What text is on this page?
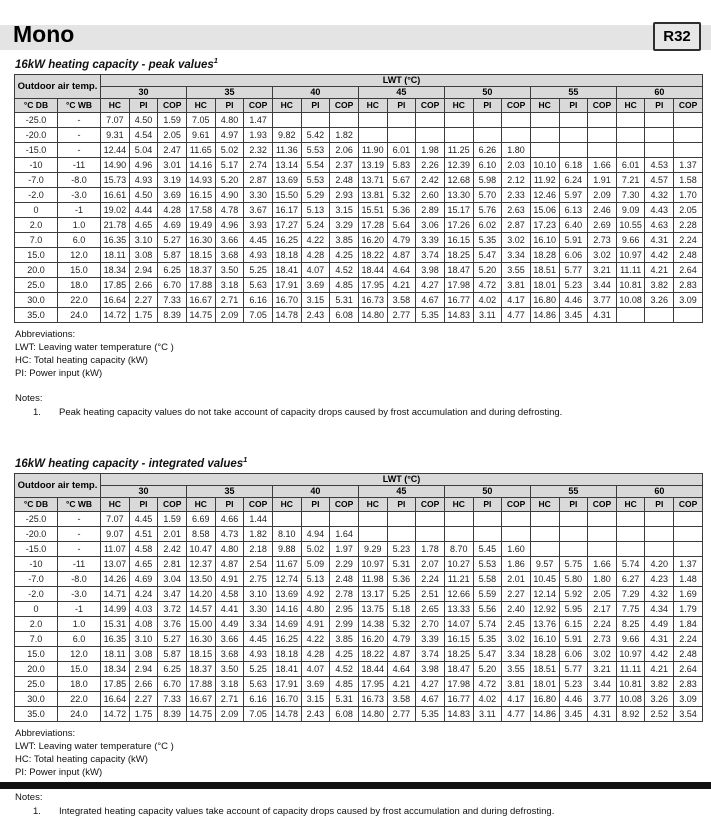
Mono	R32
16kW heating capacity - peak values$^1$
Outdoor air temp.		LWT (°C)																				
		30			35			40			45			50			55			60		
°C DB	°C WB	HC	PI	COP	HC	PI	COP	HC	PI	COP	HC	PI	COP	HC	PI	COP	HC	PI	COP	HC	PI	COP
-25.0	-	7.07	4.50	1.59	7.05	4.80	1.47															
-20.0	-	9.31	4.54	2.05	9.61	4.97	1.93	9.82	5.42	1.82												
-15.0	-	12.44	5.04	2.47	11.65	5.02	2.32	11.36	5.53	2.06	11.90	6.01	1.98	11.25	6.26	1.80						
-10	-11	14.90	4.96	3.01	14.16	5.17	2.74	13.14	5.54	2.37	13.19	5.83	2.26	12.39	6.10	2.03	10.10	6.18	1.66	6.01	4.53	1.37
-7.0	-8.0	15.73	4.93	3.19	14.93	5.20	2.87	13.69	5.53	2.48	13.71	5.67	2.42	12.68	5.98	2.12	11.92	6.24	1.91	7.21	4.57	1.58
-2.0	-3.0	16.61	4.50	3.69	16.15	4.90	3.30	15.50	5.29	2.93	13.81	5.32	2.60	13.30	5.70	2.33	12.46	5.97	2.09	7.30	4.32	1.70
0	-1	19.02	4.44	4.28	17.58	4.78	3.67	16.17	5.13	3.15	15.51	5.36	2.89	15.17	5.76	2.63	15.06	6.13	2.46	9.09	4.43	2.05
2.0	1.0	21.78	4.65	4.69	19.49	4.96	3.93	17.27	5.24	3.29	17.28	5.64	3.06	17.26	6.02	2.87	17.23	6.40	2.69	10.55	4.63	2.28
7.0	6.0	16.35	3.10	5.27	16.30	3.66	4.45	16.25	4.22	3.85	16.20	4.79	3.39	16.15	5.35	3.02	16.10	5.91	2.73	9.66	4.31	2.24
15.0	12.0	18.11	3.08	5.87	18.15	3.68	4.93	18.18	4.28	4.25	18.22	4.87	3.74	18.25	5.47	3.34	18.28	6.06	3.02	10.97	4.42	2.48
20.0	15.0	18.34	2.94	6.25	18.37	3.50	5.25	18.41	4.07	4.52	18.44	4.64	3.98	18.47	5.20	3.55	18.51	5.77	3.21	11.11	4.21	2.64
25.0	18.0	17.85	2.66	6.70	17.88	3.18	5.63	17.91	3.69	4.85	17.95	4.21	4.27	17.98	4.72	3.81	18.01	5.23	3.44	10.81	3.82	2.83
30.0	22.0	16.64	2.27	7.33	16.67	2.71	6.16	16.70	3.15	5.31	16.73	3.58	4.67	16.77	4.02	4.17	16.80	4.46	3.77	10.08	3.26	3.09
35.0	24.0	14.72	1.75	8.39	14.75	2.09	7.05	14.78	2.43	6.08	14.80	2.77	5.35	14.83	3.11	4.77	14.86	3.45	4.31			
Abbreviations:
LWT: Leaving water temperature (°C )
HC: Total heating capacity (kW)
PI: Power input (kW)
Notes:
1.	Peak heating capacity values do not take account of capacity drops caused by frost accumulation and during defrosting.
16kW heating capacity - integrated values$^1$
Outdoor air temp.		LWT (°C)																				
		30			35			40			45			50			55			60		
°C DB	°C WB	HC	PI	COP	HC	PI	COP	HC	PI	COP	HC	PI	COP	HC	PI	COP	HC	PI	COP	HC	PI	COP
-25.0	-	7.07	4.45	1.59	6.69	4.66	1.44															
-20.0	-	9.07	4.51	2.01	8.58	4.73	1.82	8.10	4.94	1.64												
-15.0	-	11.07	4.58	2.42	10.47	4.80	2.18	9.88	5.02	1.97	9.29	5.23	1.78	8.70	5.45	1.60						
-10	-11	13.07	4.65	2.81	12.37	4.87	2.54	11.67	5.09	2.29	10.97	5.31	2.07	10.27	5.53	1.86	9.57	5.75	1.66	5.74	4.20	1.37
-7.0	-8.0	14.26	4.69	3.04	13.50	4.91	2.75	12.74	5.13	2.48	11.98	5.36	2.24	11.21	5.58	2.01	10.45	5.80	1.80	6.27	4.23	1.48
-2.0	-3.0	14.71	4.24	3.47	14.20	4.58	3.10	13.69	4.92	2.78	13.17	5.25	2.51	12.66	5.59	2.27	12.14	5.92	2.05	7.29	4.32	1.69
0	-1	14.99	4.03	3.72	14.57	4.41	3.30	14.16	4.80	2.95	13.75	5.18	2.65	13.33	5.56	2.40	12.92	5.95	2.17	7.75	4.34	1.79
2.0	1.0	15.31	4.08	3.76	15.00	4.49	3.34	14.69	4.91	2.99	14.38	5.32	2.70	14.07	5.74	2.45	13.76	6.15	2.24	8.25	4.49	1.84
7.0	6.0	16.35	3.10	5.27	16.30	3.66	4.45	16.25	4.22	3.85	16.20	4.79	3.39	16.15	5.35	3.02	16.10	5.91	2.73	9.66	4.31	2.24
15.0	12.0	18.11	3.08	5.87	18.15	3.68	4.93	18.18	4.28	4.25	18.22	4.87	3.74	18.25	5.47	3.34	18.28	6.06	3.02	10.97	4.42	2.48
20.0	15.0	18.34	2.94	6.25	18.37	3.50	5.25	18.41	4.07	4.52	18.44	4.64	3.98	18.47	5.20	3.55	18.51	5.77	3.21	11.11	4.21	2.64
25.0	18.0	17.85	2.66	6.70	17.88	3.18	5.63	17.91	3.69	4.85	17.95	4.21	4.27	17.98	4.72	3.81	18.01	5.23	3.44	10.81	3.82	2.83
30.0	22.0	16.64	2.27	7.33	16.67	2.71	6.16	16.70	3.15	5.31	16.73	3.58	4.67	16.77	4.02	4.17	16.80	4.46	3.77	10.08	3.26	3.09
35.0	24.0	14.72	1.75	8.39	14.75	2.09	7.05	14.78	2.43	6.08	14.80	2.77	5.35	14.83	3.11	4.77	14.86	3.45	4.31	8.92	2.52	3.54
Abbreviations:
LWT: Leaving water temperature (°C )
HC: Total heating capacity (kW)
PI: Power input (kW)
Notes:
1.	Integrated heating capacity values take account of capacity drops caused by frost accumulation and during defrosting.
